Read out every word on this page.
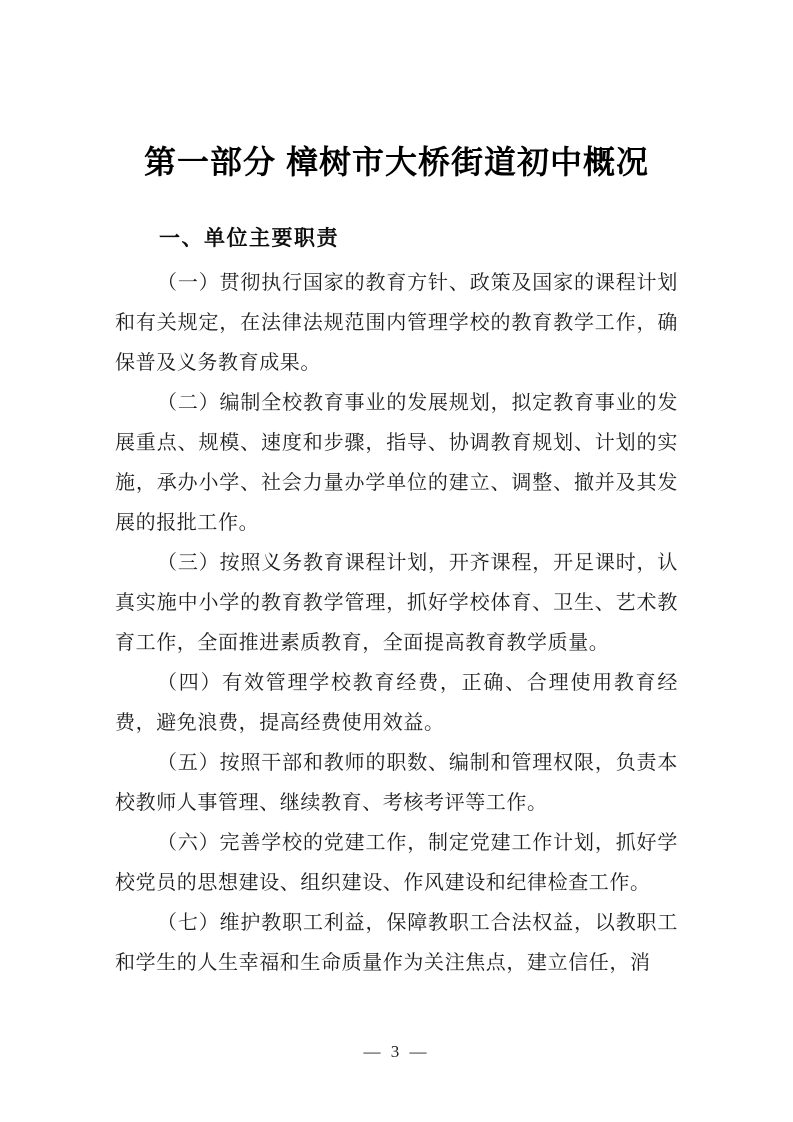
第一部分 樟树市大桥街道初中概况
一、单位主要职责

（一）贯彻执行国家的教育方针、政策及国家的课程计划和有关规定，在法律法规范围内管理学校的教育教学工作，确保普及义务教育成果。

（二）编制全校教育事业的发展规划，拟定教育事业的发展重点、规模、速度和步骤，指导、协调教育规划、计划的实施，承办小学、社会力量办学单位的建立、调整、撤并及其发展的报批工作。

（三）按照义务教育课程计划，开齐课程，开足课时，认真实施中小学的教育教学管理，抓好学校体育、卫生、艺术教育工作，全面推进素质教育，全面提高教育教学质量。

（四）有效管理学校教育经费，正确、合理使用教育经费，避免浪费，提高经费使用效益。

（五）按照干部和教师的职数、编制和管理权限，负责本校教师人事管理、继续教育、考核考评等工作。

（六）完善学校的党建工作，制定党建工作计划，抓好学校党员的思想建设、组织建设、作风建设和纪律检查工作。

（七）维护教职工利益，保障教职工合法权益，以教职工和学生的人生幸福和生命质量作为关注焦点，建立信任，消

— 3 —
